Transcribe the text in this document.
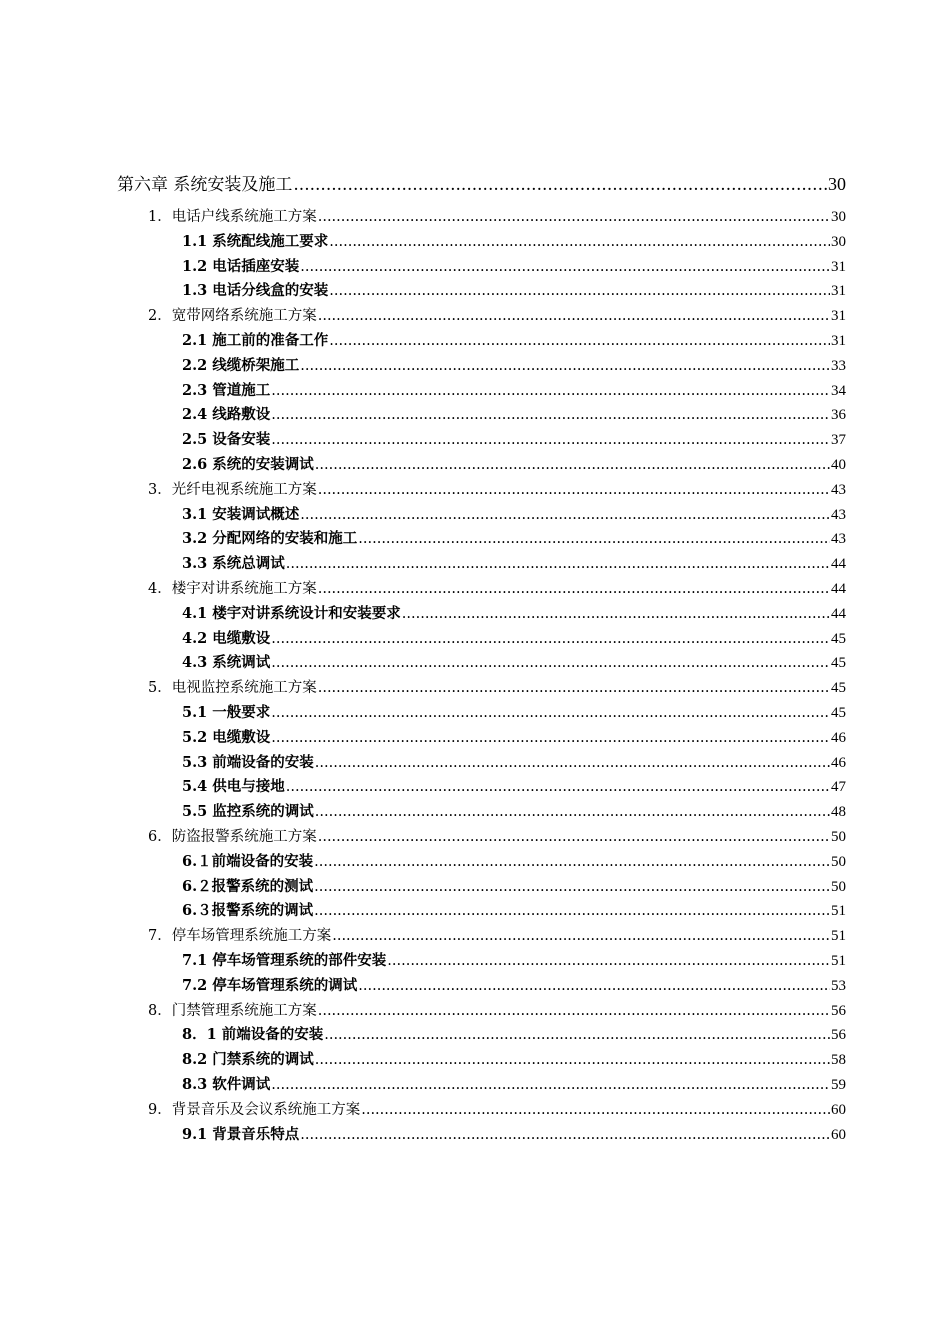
第六章 系统安装及施工 .....	30
1．电话户线系统施工方案 .....	30
1.1 系统配线施工要求 .....	30
1.2 电话插座安装 .....	31
1.3 电话分线盒的安装 .....	31
2．宽带网络系统施工方案 .....	31
2.1 施工前的准备工作 .....	31
2.2 线缆桥架施工 .....	33
2.3 管道施工 .....	34
2.4 线路敷设 .....	36
2.5 设备安装 .....	37
2.6 系统的安装调试 .....	40
3．光纤电视系统施工方案 .....	43
3.1 安装调试概述 .....	43
3.2 分配网络的安装和施工 .....	43
3.3 系统总调试 .....	44
4．楼宇对讲系统施工方案 .....	44
4.1 楼宇对讲系统设计和安装要求 .....	44
4.2 电缆敷设 .....	45
4.3 系统调试 .....	45
5．电视监控系统施工方案 .....	45
5.1 一般要求 .....	45
5.2 电缆敷设 .....	46
5.3 前端设备的安装 .....	46
5.4 供电与接地 .....	47
5.5 监控系统的调试 .....	48
6．防盗报警系统施工方案 .....	50
6.１前端设备的安装 .....	50
6.２报警系统的测试 .....	50
6.３报警系统的调试 .....	51
7．停车场管理系统施工方案 .....	51
7.1 停车场管理系统的部件安装 .....	51
7.2 停车场管理系统的调试 .....	53
8．门禁管理系统施工方案 .....	56
8．1 前端设备的安装 .....	56
8.2 门禁系统的调试 .....	58
8.3 软件调试 .....	59
9．背景音乐及会议系统施工方案 .....	60
9.1 背景音乐特点 .....	60
